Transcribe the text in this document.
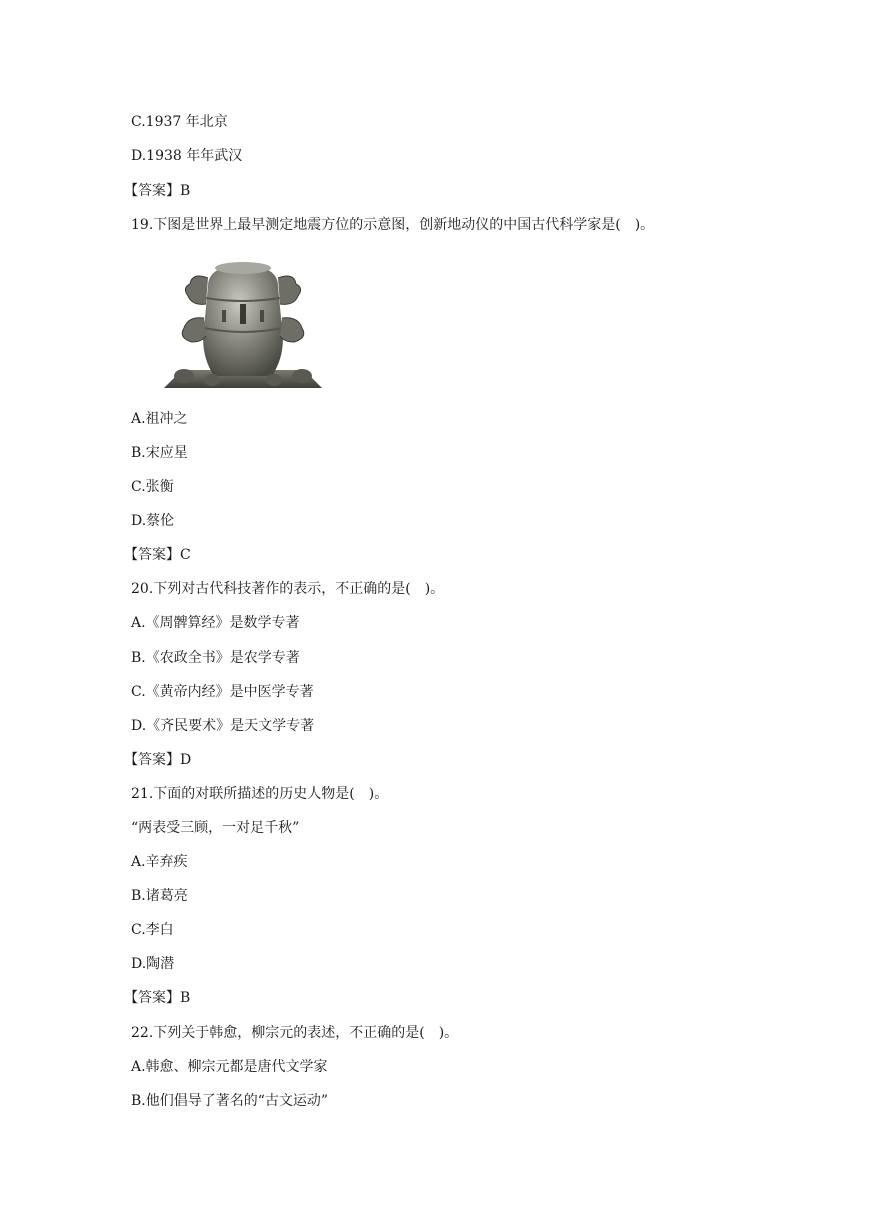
C.1937 年北京
D.1938 年年武汉
【答案】B
19.下图是世界上最早测定地震方位的示意图，创新地动仪的中国古代科学家是(　)。
A.祖冲之
B.宋应星
C.张衡
D.蔡伦
【答案】C
20.下列对古代科技著作的表示，不正确的是(　)。
A.《周髀算经》是数学专著
B.《农政全书》是农学专著
C.《黄帝内经》是中医学专著
D.《齐民要术》是天文学专著
【答案】D
21.下面的对联所描述的历史人物是(　)。
“两表受三顾，一对足千秋”
A.辛弃疾
B.诸葛亮
C.李白
D.陶潜
【答案】B
22.下列关于韩愈，柳宗元的表述，不正确的是(　)。
A.韩愈、柳宗元都是唐代文学家
B.他们倡导了著名的“古文运动”
